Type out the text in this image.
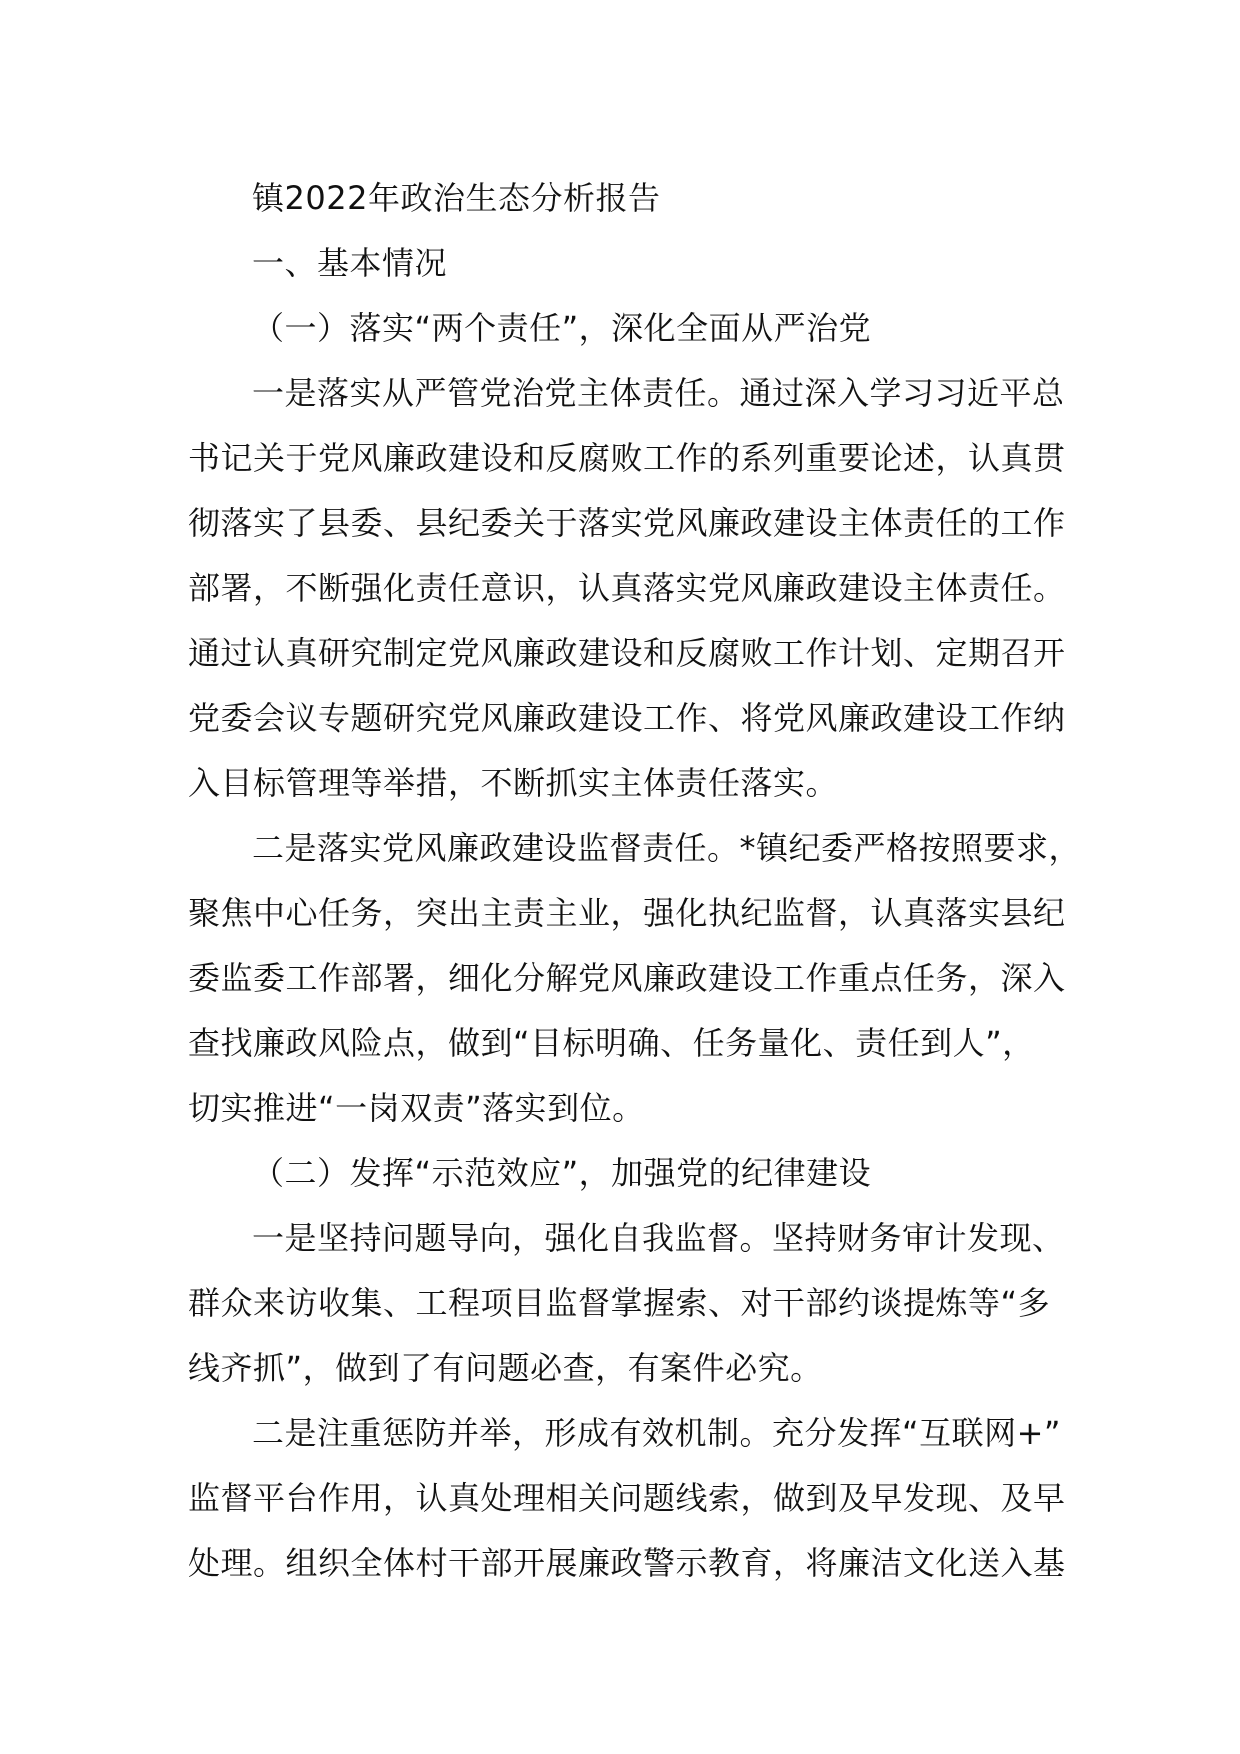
镇2022年政治生态分析报告
一、基本情况
（一）落实“两个责任”，深化全面从严治党
一是落实从严管党治党主体责任。通过深入学习习近平总
书记关于党风廉政建设和反腐败工作的系列重要论述，认真贯
彻落实了县委、县纪委关于落实党风廉政建设主体责任的工作
部署，不断强化责任意识，认真落实党风廉政建设主体责任。
通过认真研究制定党风廉政建设和反腐败工作计划、定期召开
党委会议专题研究党风廉政建设工作、将党风廉政建设工作纳
入目标管理等举措，不断抓实主体责任落实。
二是落实党风廉政建设监督责任。*镇纪委严格按照要求，
聚焦中心任务，突出主责主业，强化执纪监督，认真落实县纪
委监委工作部署，细化分解党风廉政建设工作重点任务，深入
查找廉政风险点，做到“目标明确、任务量化、责任到人”，
切实推进“一岗双责”落实到位。
（二）发挥“示范效应”，加强党的纪律建设
一是坚持问题导向，强化自我监督。坚持财务审计发现、
群众来访收集、工程项目监督掌握索、对干部约谈提炼等“多
线齐抓”，做到了有问题必查，有案件必究。
二是注重惩防并举，形成有效机制。充分发挥“互联网+”
监督平台作用，认真处理相关问题线索，做到及早发现、及早
处理。组织全体村干部开展廉政警示教育，将廉洁文化送入基
